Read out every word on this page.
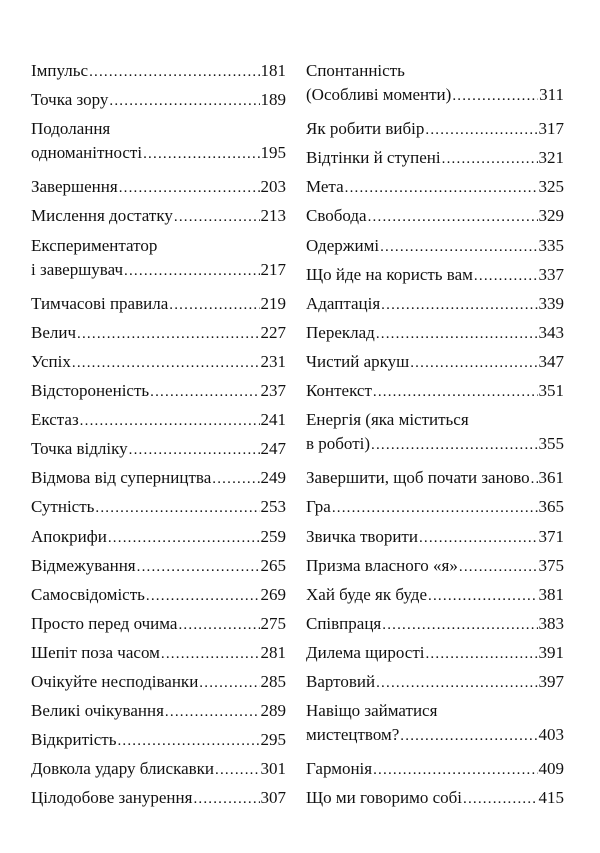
Імпульс .....	181
Точка зору .....	189
Подолання
одноманітності .....	195
Завершення .....	203
Мислення достатку .....	213
Експериментатор
і завершувач .....	217
Тимчасові правила .....	219
Велич .....	227
Успіх .....	231
Відстороненість .....	237
Екстаз .....	241
Точка відліку .....	247
Відмова від суперництва .....	249
Сутність .....	253
Апокрифи .....	259
Відмежування .....	265
Самосвідомість .....	269
Просто перед очима .....	275
Шепіт поза часом .....	281
Очікуйте несподіванки .....	285
Великі очікування .....	289
Відкритість .....	295
Довкола удару блискавки .....	301
Цілодобове занурення .....	307
Спонтанність
(Особливі моменти) .....	311
Як робити вибір .....	317
Відтінки й ступені .....	321
Мета .....	325
Свобода .....	329
Одержимі .....	335
Що йде на користь вам .....	337
Адаптація .....	339
Переклад .....	343
Чистий аркуш .....	347
Контекст .....	351
Енергія (яка міститься
в роботі) .....	355
Завершити, щоб почати заново ..... 361
Гра .....	365
Звичка творити .....	371
Призма власного «я» .....	375
Хай буде як буде .....	381
Співпраця .....	383
Дилема щирості .....	391
Вартовий .....	397
Навіщо займатися
мистецтвом? .....	403
Гармонія .....	409
Що ми говоримо собі .....	415
